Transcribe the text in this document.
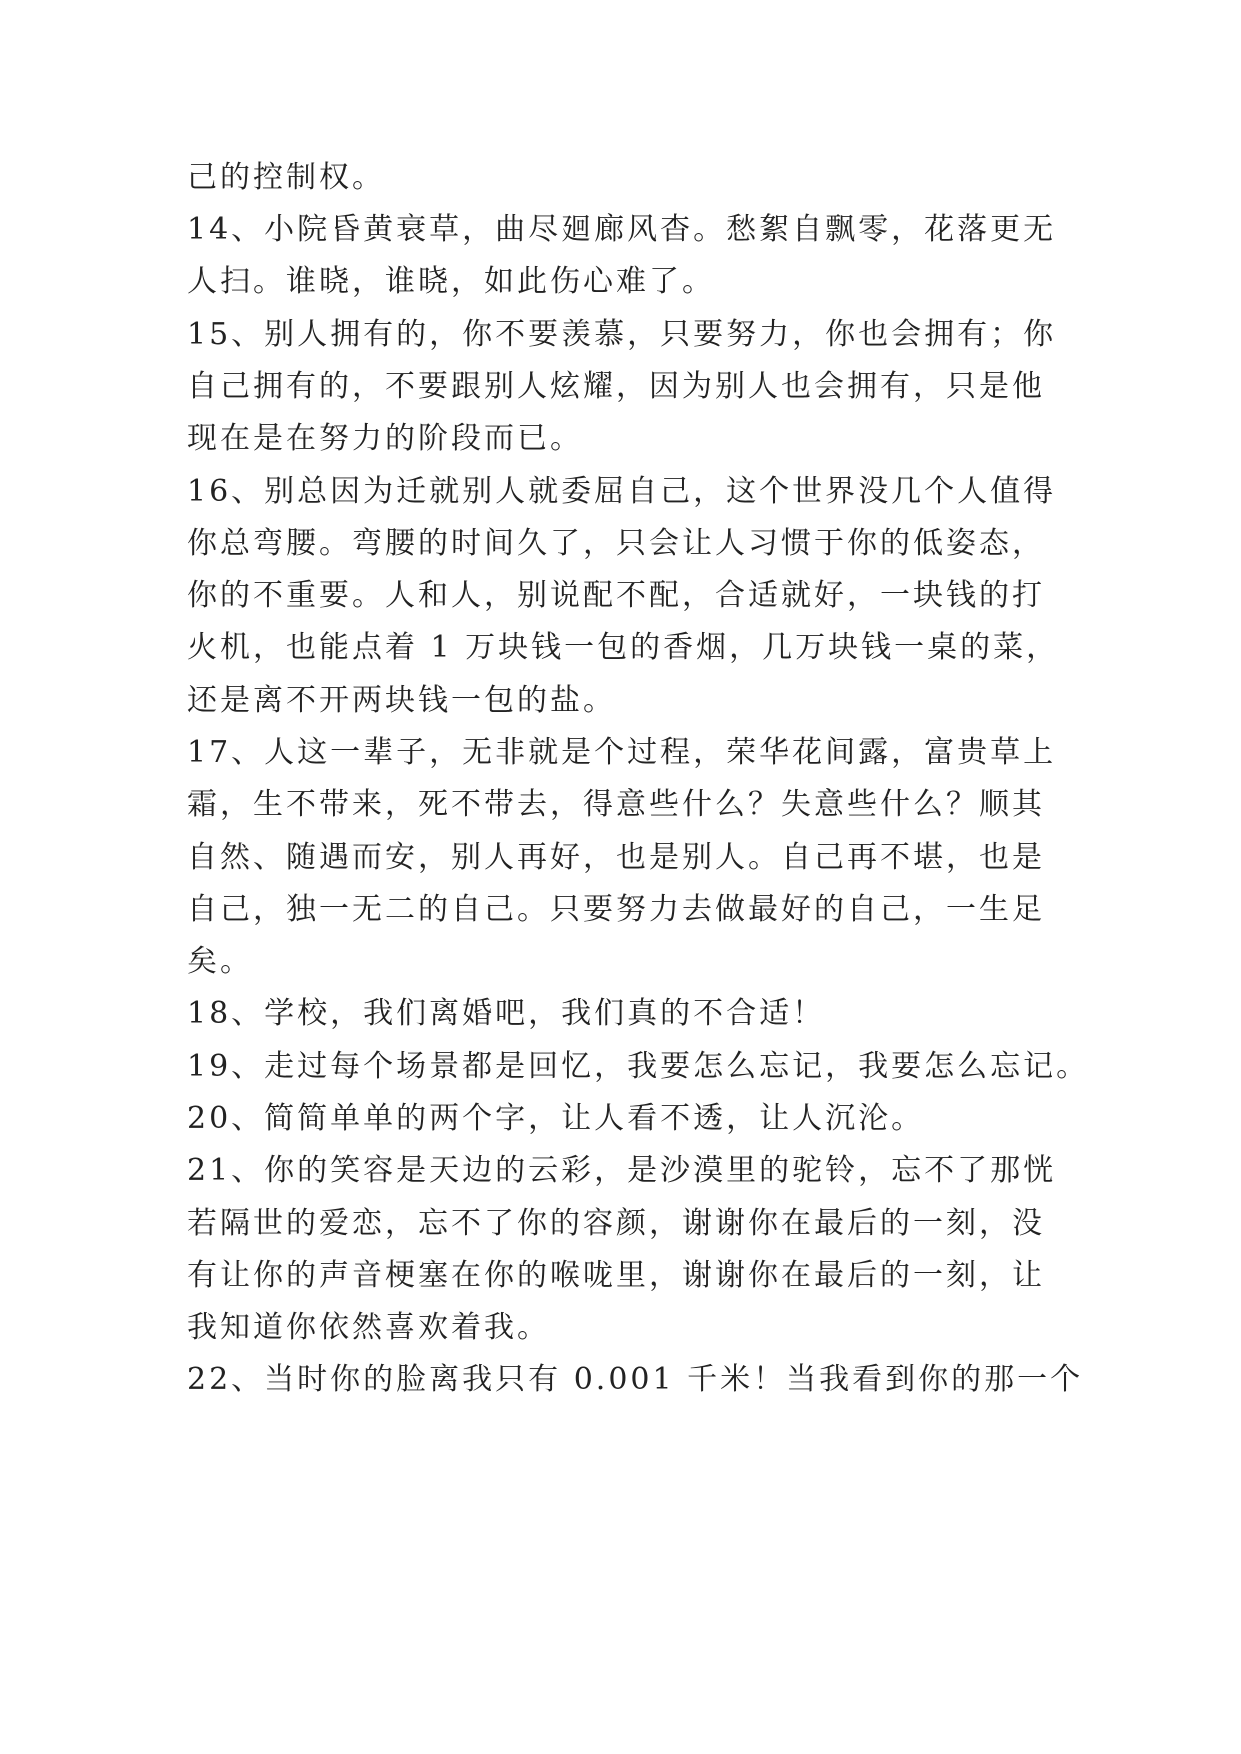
己的控制权。
14、小院昏黄衰草，曲尽廻廊风杳。愁絮自飘零，花落更无
人扫。谁晓，谁晓，如此伤心难了。
15、别人拥有的，你不要羡慕，只要努力，你也会拥有；你
自己拥有的，不要跟别人炫耀，因为别人也会拥有，只是他
现在是在努力的阶段而已。
16、别总因为迁就别人就委屈自己，这个世界没几个人值得
你总弯腰。弯腰的时间久了，只会让人习惯于你的低姿态，
你的不重要。人和人，别说配不配，合适就好，一块钱的打
火机，也能点着 1 万块钱一包的香烟，几万块钱一桌的菜，
还是离不开两块钱一包的盐。
17、人这一辈子，无非就是个过程，荣华花间露，富贵草上
霜，生不带来，死不带去，得意些什么？失意些什么？顺其
自然、随遇而安，别人再好，也是别人。自己再不堪，也是
自己，独一无二的自己。只要努力去做最好的自己，一生足
矣。
18、学校，我们离婚吧，我们真的不合适！
19、走过每个场景都是回忆，我要怎么忘记，我要怎么忘记。
20、简简单单的两个字，让人看不透，让人沉沦。
21、你的笑容是天边的云彩，是沙漠里的驼铃，忘不了那恍
若隔世的爱恋，忘不了你的容颜，谢谢你在最后的一刻，没
有让你的声音梗塞在你的喉咙里，谢谢你在最后的一刻，让
我知道你依然喜欢着我。
22、当时你的脸离我只有 0.001 千米！当我看到你的那一个
